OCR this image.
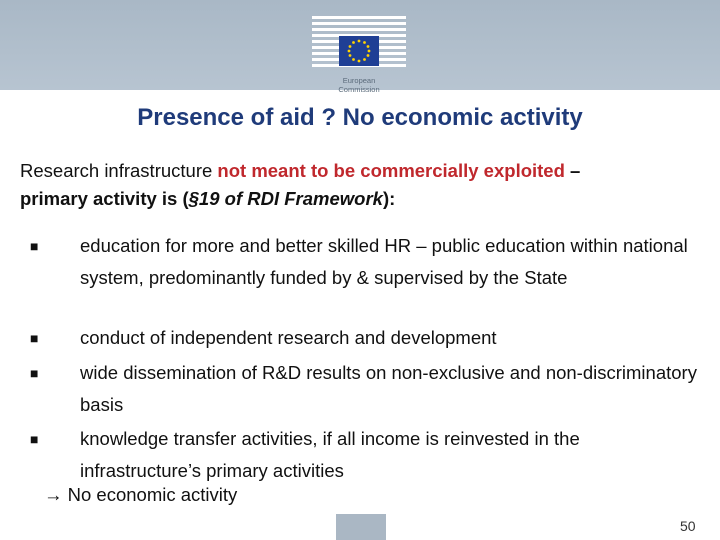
European
Commission
Presence of aid ? No economic activity
Research infrastructure not meant to be commercially exploited –
primary activity is (§19 of RDI Framework):
■ education for more and better skilled HR – public education within national system, predominantly funded by & supervised by the State
■ conduct of independent research and development
■ wide dissemination of R&D results on non-exclusive and non-discriminatory basis
■ knowledge transfer activities, if all income is reinvested in the infrastructure’s primary activities
→ No economic activity
50
